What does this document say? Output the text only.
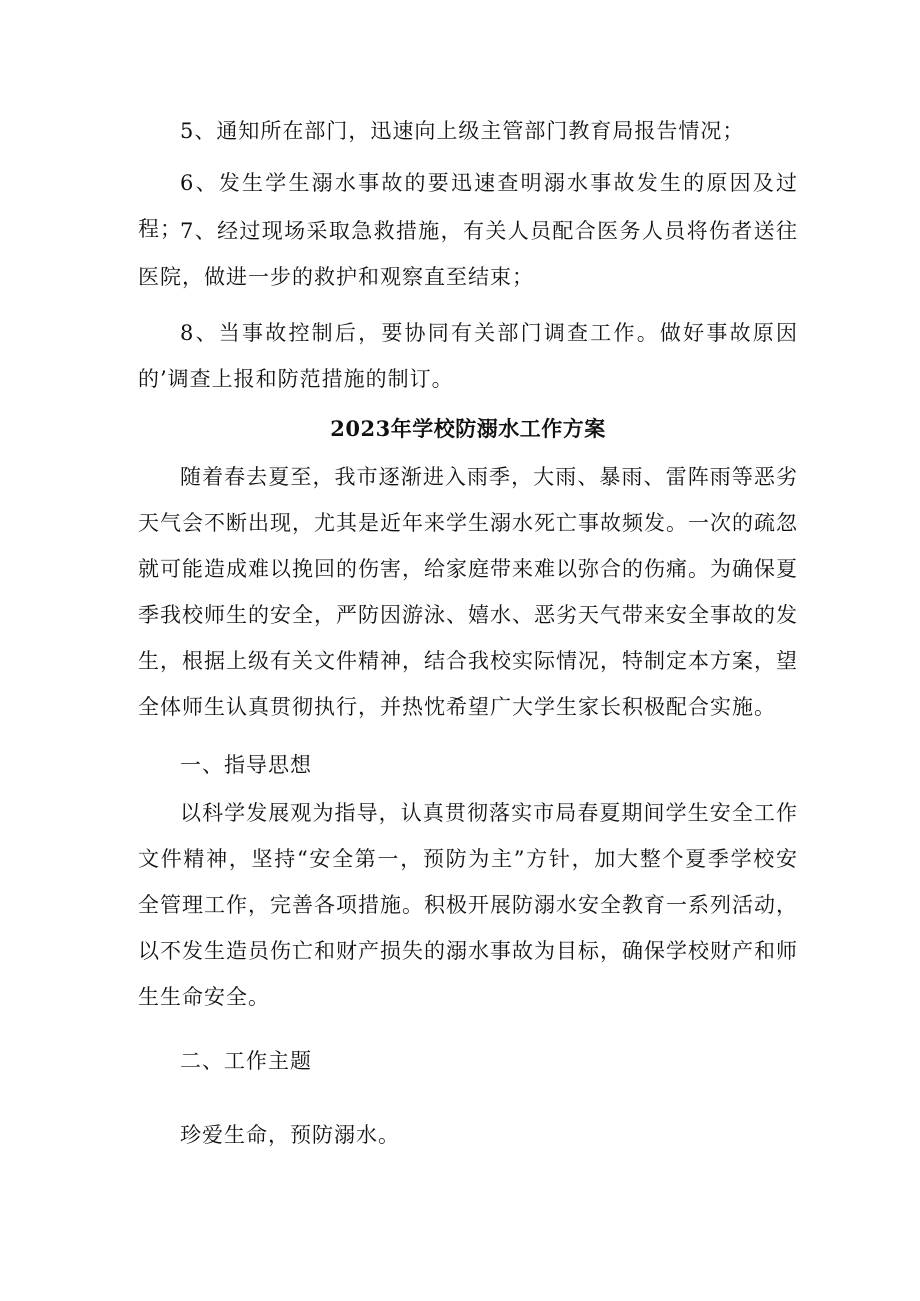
5、通知所在部门，迅速向上级主管部门教育局报告情况；

6、发生学生溺水事故的要迅速查明溺水事故发生的原因及过程；

7、经过现场采取急救措施，有关人员配合医务人员将伤者送往医院，做进一步的救护和观察直至结束；

8、当事故控制后，要协同有关部门调查工作。做好事故原因的’调查上报和防范措施的制订。

2023年学校防溺水工作方案

随着春去夏至，我市逐渐进入雨季，大雨、暴雨、雷阵雨等恶劣天气会不断出现，尤其是近年来学生溺水死亡事故频发。一次的疏忽就可能造成难以挽回的伤害，给家庭带来难以弥合的伤痛。为确保夏季我校师生的安全，严防因游泳、嬉水、恶劣天气带来安全事故的发生，根据上级有关文件精神，结合我校实际情况，特制定本方案，望全体师生认真贯彻执行，并热忱希望广大学生家长积极配合实施。

一、指导思想

以科学发展观为指导，认真贯彻落实市局春夏期间学生安全工作文件精神，坚持“安全第一，预防为主”方针，加大整个夏季学校安全管理工作，完善各项措施。积极开展防溺水安全教育一系列活动，以不发生造员伤亡和财产损失的溺水事故为目标，确保学校财产和师生生命安全。

二、工作主题

珍爱生命，预防溺水。
